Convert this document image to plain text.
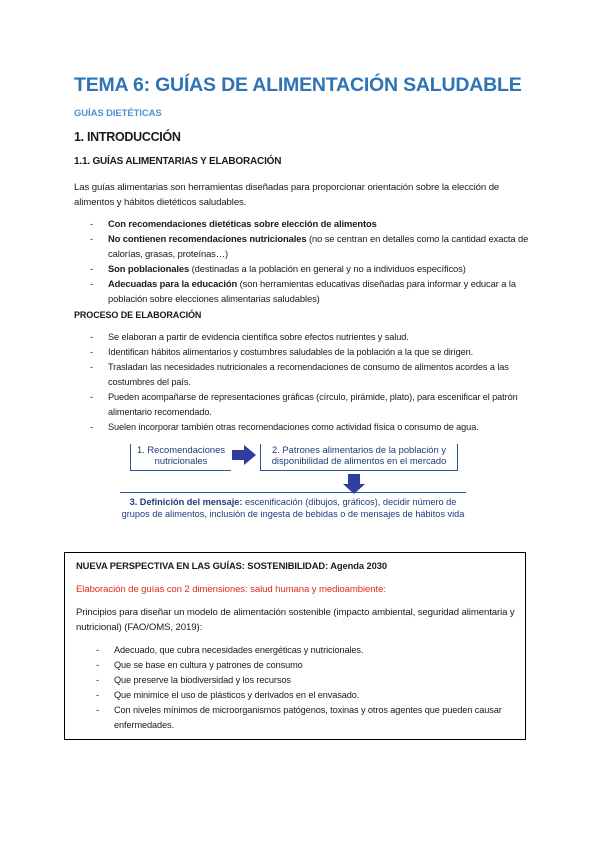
TEMA 6: GUÍAS DE ALIMENTACIÓN SALUDABLE
GUÍAS DIETÉTICAS
1. INTRODUCCIÓN
1.1. GUÍAS ALIMENTARIAS Y ELABORACIÓN
Las guías alimentarias son herramientas diseñadas para proporcionar orientación sobre la elección de alimentos y hábitos dietéticos saludables.
- Con recomendaciones dietéticas sobre elección de alimentos
- No contienen recomendaciones nutricionales (no se centran en detalles como la cantidad exacta de calorías, grasas, proteínas…)
- Son poblacionales (destinadas a la población en general y no a individuos específicos)
- Adecuadas para la educación (son herramientas educativas diseñadas para informar y educar a la población sobre elecciones alimentarias saludables)
PROCESO DE ELABORACIÓN
- Se elaboran a partir de evidencia científica sobre efectos nutrientes y salud.
- Identifican hábitos alimentarios y costumbres saludables de la población a la que se dirigen.
- Trasladan las necesidades nutricionales a recomendaciones de consumo de alimentos acordes a las costumbres del país.
- Pueden acompañarse de representaciones gráficas (círculo, pirámide, plato), para escenificar el patrón alimentario recomendado.
- Suelen incorporar también otras recomendaciones como actividad física o consumo de agua.
1. Recomendaciones
nutricionales
2. Patrones alimentarios de la población y
disponibilidad de alimentos en el mercado
3. Definición del mensaje: escenificación (dibujos, gráficos), decidir número de grupos de alimentos, inclusión de ingesta de bebidas o de mensajes de hábitos vida
NUEVA PERSPECTIVA EN LAS GUÍAS: SOSTENIBILIDAD: Agenda 2030
Elaboración de guías con 2 dimensiones: salud humana y medioambiente:
Principios para diseñar un modelo de alimentación sostenible (impacto ambiental, seguridad alimentaria y nutricional) (FAO/OMS, 2019):
- Adecuado, que cubra necesidades energéticas y nutricionales.
- Que se base en cultura y patrones de consumo
- Que preserve la biodiversidad y los recursos
- Que minimice el uso de plásticos y derivados en el envasado.
- Con niveles mínimos de microorganismos patógenos, toxinas y otros agentes que pueden causar enfermedades.
